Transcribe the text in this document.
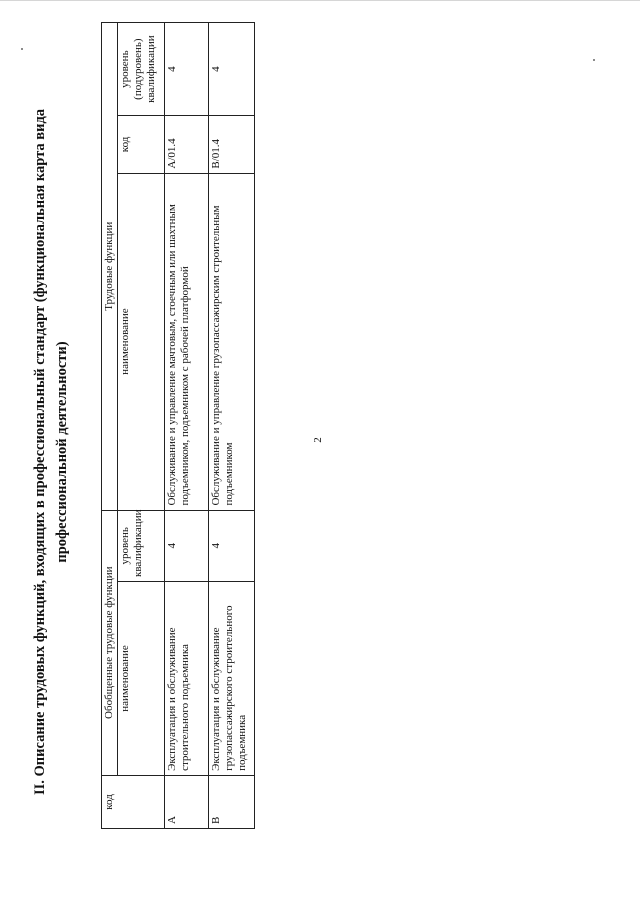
2
II. Описание трудовых функций, входящих в профессиональный стандарт (функциональная карта вида профессиональной деятельности)
код	Обобщенные трудовые функции		Трудовые функции		
	наименование	уровень квалификации	наименование	код	уровень (подуровень) квалификации
A	Эксплуатация и обслуживание строительного подъемника	4	Обслуживание и управление мачтовым, стоечным или шахтным подъемником, подъемником с рабочей платформой	A/01.4	4
B	Эксплуатация и обслуживание грузопассажирского строительного подъемника	4	Обслуживание и управление грузопассажирским строительным подъемником	B/01.4	4
